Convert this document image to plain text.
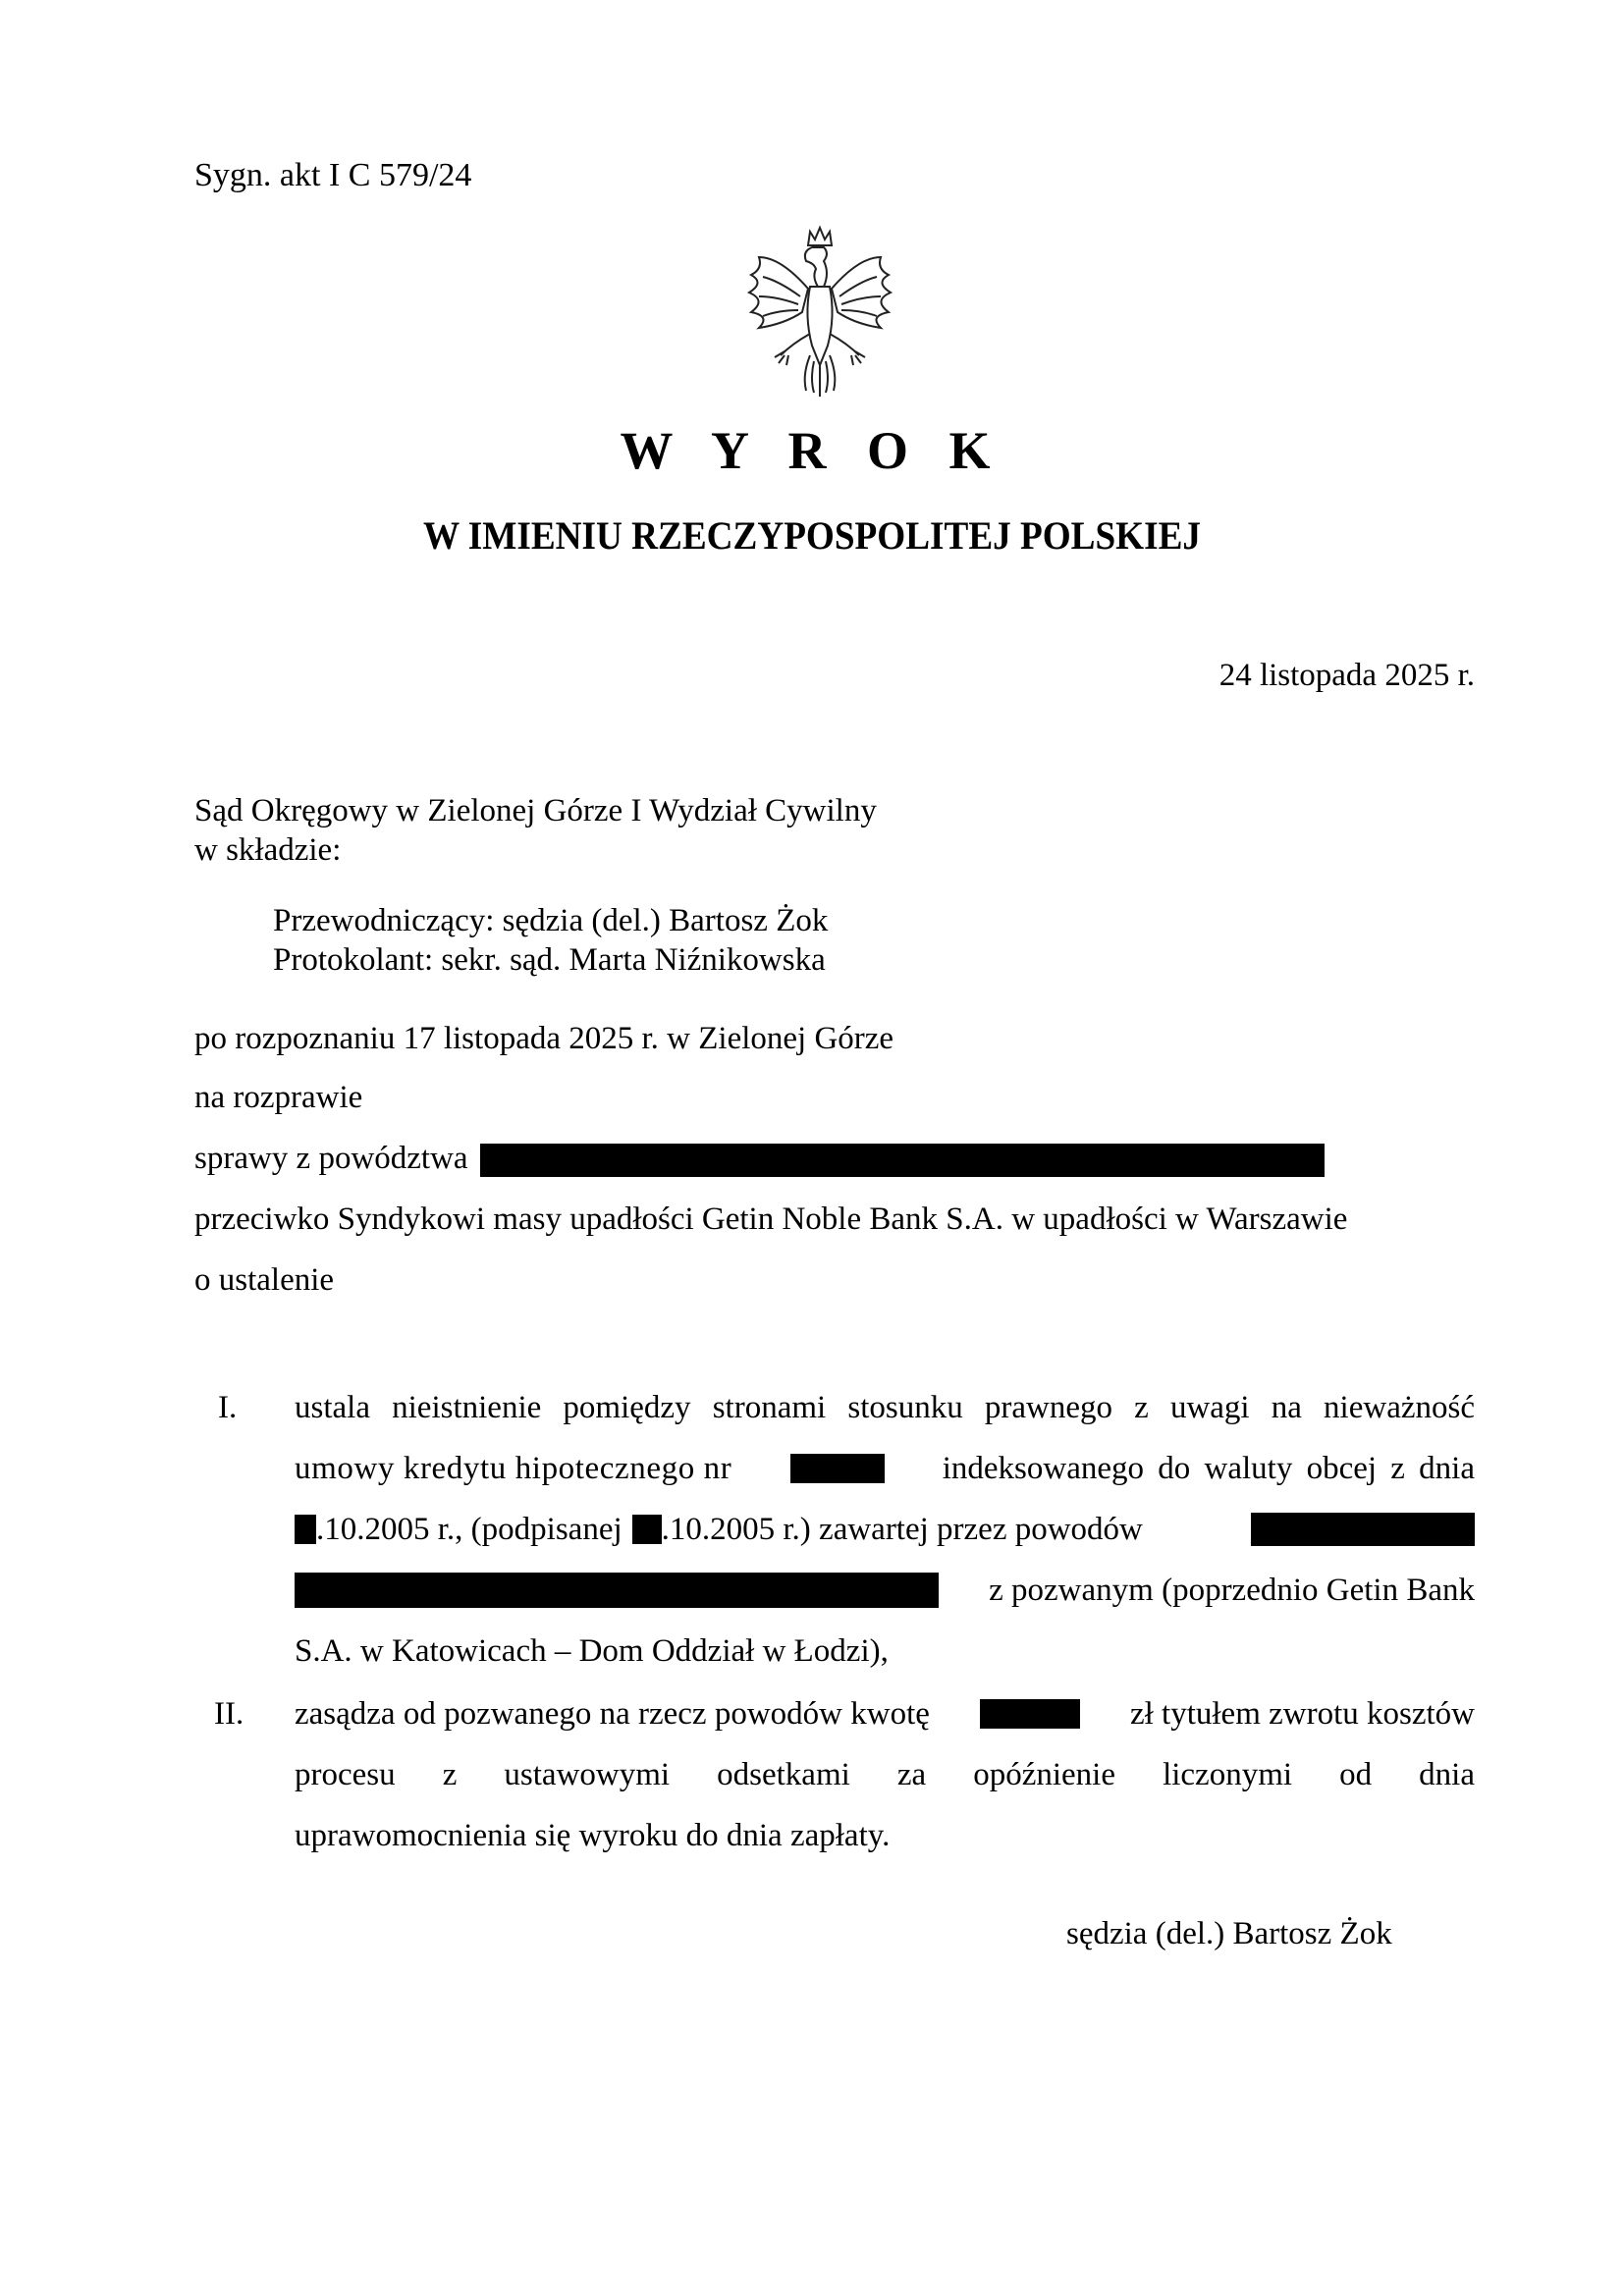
Sygn. akt I C 579/24
W Y R O K
W IMIENIU RZECZYPOSPOLITEJ POLSKIEJ
24 listopada 2025 r.
Sąd Okręgowy w Zielonej Górze I Wydział Cywilny
w składzie:
Przewodniczący: sędzia (del.) Bartosz Żok
Protokolant: sekr. sąd. Marta Niźnikowska
po rozpoznaniu 17 listopada 2025 r. w Zielonej Górze
na rozprawie
sprawy z powództwa
przeciwko Syndykowi masy upadłości Getin Noble Bank S.A. w upadłości w Warszawie
o ustalenie
I. ustala nieistnienie pomiędzy stronami stosunku prawnego z uwagi na nieważność
umowy kredytu hipotecznego nr	indeksowanego do waluty obcej z dnia
.10.2005 r., (podpisanej .10.2005 r.) zawartej przez powodów
z pozwanym (poprzednio Getin Bank
S.A. w Katowicach – Dom Oddział w Łodzi),
II. zasądza od pozwanego na rzecz powodów kwotę	zł tytułem zwrotu kosztów
procesu z ustawowymi odsetkami za opóźnienie liczonymi od dnia
uprawomocnienia się wyroku do dnia zapłaty.
sędzia (del.) Bartosz Żok
